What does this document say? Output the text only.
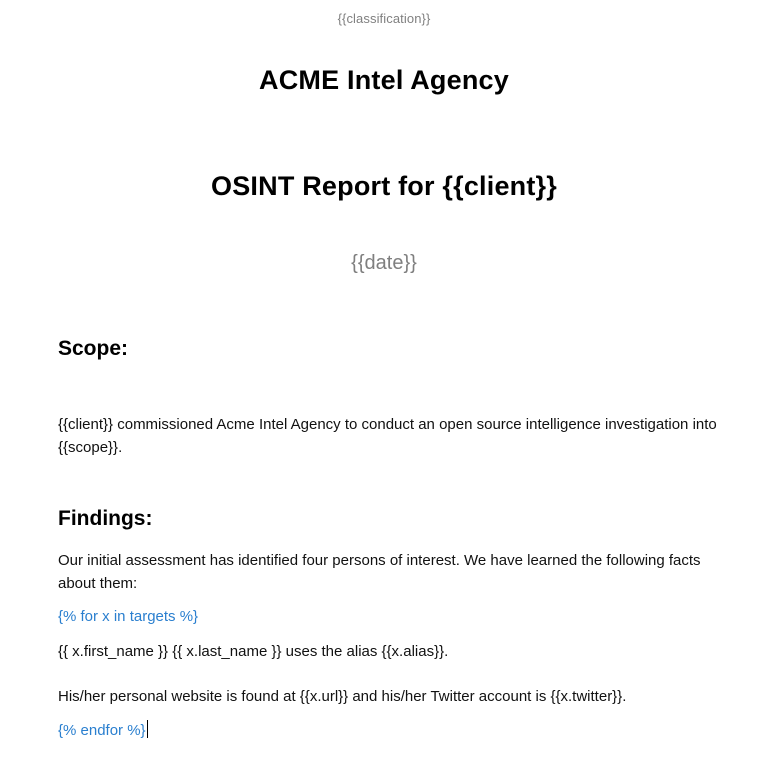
{{classification}}
ACME Intel Agency
OSINT Report for {{client}}
{{date}}
Scope:
{{client}} commissioned Acme Intel Agency to conduct an open source intelligence investigation into {{scope}}.
Findings:
Our initial assessment has identified four persons of interest. We have learned the following facts about them:
{% for x in targets %}
{{ x.first_name }} {{ x.last_name }} uses the alias {{x.alias}}.
His/her personal website is found at {{x.url}} and his/her Twitter account is {{x.twitter}}.
{% endfor %}
